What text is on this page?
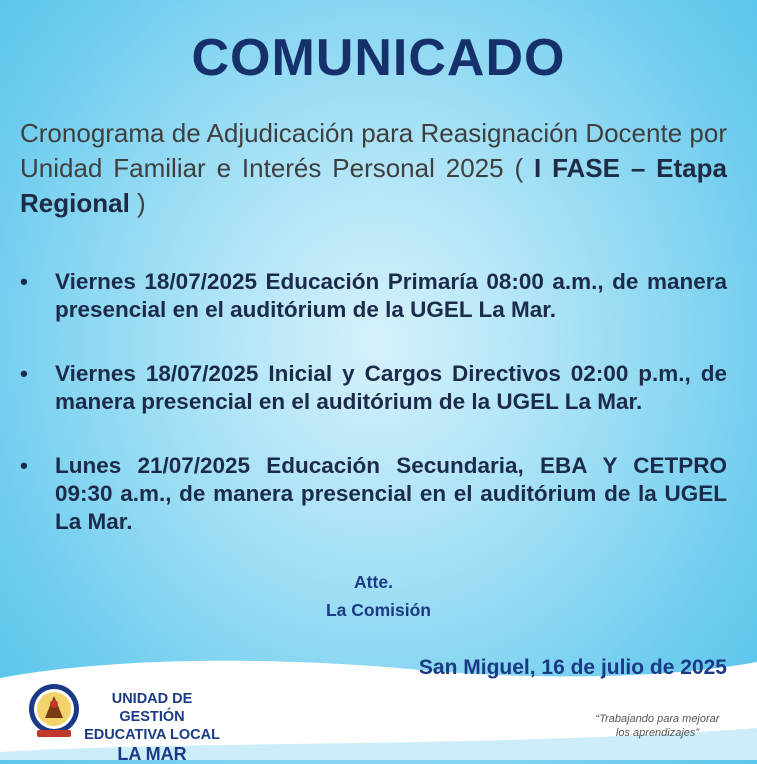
COMUNICADO
Cronograma de Adjudicación para Reasignación Docente por Unidad Familiar e Interés Personal 2025 ( I FASE – Etapa Regional )
•	Viernes 18/07/2025 Educación Primaría 08:00 a.m., de manera presencial en el auditórium de la UGEL La Mar.
•	Viernes 18/07/2025 Inicial y Cargos Directivos 02:00 p.m., de manera presencial en el auditórium de la UGEL La Mar.
•	Lunes 21/07/2025 Educación Secundaria, EBA Y CETPRO 09:30 a.m., de manera presencial en el auditórium de la UGEL La Mar.
Atte.
La Comisión
San Miguel, 16 de julio de 2025
UNIDAD DE GESTIÓN
EDUCATIVA LOCAL
LA MAR
“Trabajando para mejorar
los aprendizajes”
